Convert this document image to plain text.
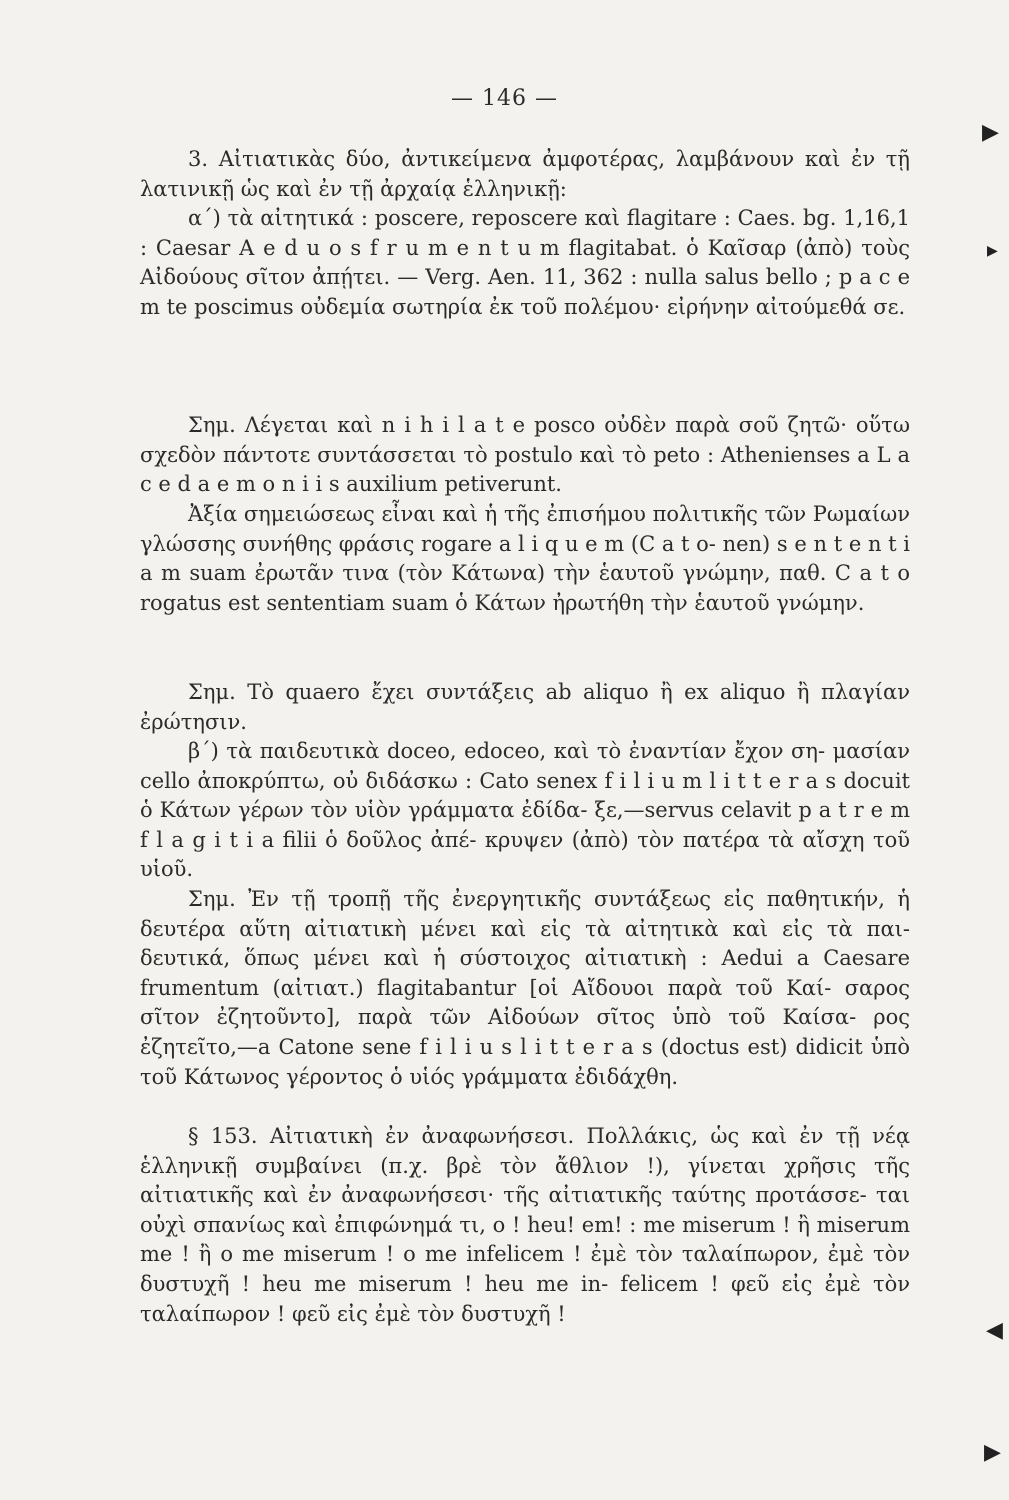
— 146 —

3. Αἰτιατικὰς δύο, ἀντικείμενα ἀμφοτέρας, λαμβάνουν καὶ ἐν τῇ λατινικῇ ὡς καὶ ἐν τῇ ἀρχαίᾳ ἑλληνικῇ:

α΄) τὰ αἰτητικά : poscere, reposcere καὶ flagitare : Caes. bg. 1,16,1 : Caesar A e d u o s f r u m e n t u m flagitabat. ὁ Καῖσαρ (ἀπὸ) τοὺς Αἰδούους σῖτον ἀπῄτει. — Verg. Aen. 11, 362 : nulla salus bello ; p a c e m te poscimus οὐδεμία σωτηρία ἐκ τοῦ πολέμου· εἰρήνην αἰτούμεθά σε.

Σημ. Λέγεται καὶ n i h i l a t e posco οὐδὲν παρὰ σοῦ ζητῶ· οὕτω σχεδὸν πάντοτε συντάσσεται τὸ postulo καὶ τὸ peto : Athenienses a L a c e d a e m o n i i s auxilium petiverunt.

Ἀξία σημειώσεως εἶναι καὶ ἡ τῆς ἐπισήμου πολιτικῆς τῶν Ρωμαίων γλώσσης συνήθης φράσις rogare a l i q u e m (C a t o- nen) s e n t e n t i a m suam ἐρωτᾶν τινα (τὸν Κάτωνα) τὴν ἑαυτοῦ γνώμην, παθ. C a t o rogatus est sententiam suam ὁ Κάτων ἠρωτήθη τὴν ἑαυτοῦ γνώμην.

Σημ. Τὸ quaero ἔχει συντάξεις ab aliquo ἢ ex aliquo ἢ πλαγίαν ἐρώτησιν.

β΄) τὰ παιδευτικὰ doceo, edoceo, καὶ τὸ ἐναντίαν ἔχον ση- μασίαν cello ἀποκρύπτω, οὐ διδάσκω : Cato senex f i l i u m l i t t e r a s docuit ὁ Κάτων γέρων τὸν υἱὸν γράμματα ἐδίδα- ξε,—servus celavit p a t r e m f l a g i t i a filii ὁ δοῦλος ἀπέ- κρυψεν (ἀπὸ) τὸν πατέρα τὰ αἴσχη τοῦ υἱοῦ.

Σημ. Ἐν τῇ τροπῇ τῆς ἐνεργητικῆς συντάξεως εἰς παθητικήν, ἡ δευτέρα αὕτη αἰτιατικὴ μένει καὶ εἰς τὰ αἰτητικὰ καὶ εἰς τὰ παι- δευτικά, ὅπως μένει καὶ ἡ σύστοιχος αἰτιατικὴ : Aedui a Caesare frumentum (αἰτιατ.) flagitabantur [οἱ Αἴδουοι παρὰ τοῦ Καί- σαρος σῖτον ἐζητοῦντο], παρὰ τῶν Αἰδούων σῖτος ὑπὸ τοῦ Καίσα- ρος ἐζητεῖτο,—a Catone sene f i l i u s l i t t e r a s (doctus est) didicit ὑπὸ τοῦ Κάτωνος γέροντος ὁ υἱός γράμματα ἐδιδάχθη.

§ 153. Αἰτιατικὴ ἐν ἀναφωνήσεσι. Πολλάκις, ὡς καὶ ἐν τῇ νέᾳ ἑλληνικῇ συμβαίνει (π.χ. βρὲ τὸν ἄθλιον !), γίνεται χρῆσις τῆς αἰτιατικῆς καὶ ἐν ἀναφωνήσεσι· τῆς αἰτιατικῆς ταύτης προτάσσε- ται οὐχὶ σπανίως καὶ ἐπιφώνημά τι, o ! heu! em! : me miserum ! ἢ miserum me ! ἢ o me miserum ! o me infelicem ! ἐμὲ τὸν ταλαίπωρον, ἐμὲ τὸν δυστυχῆ ! heu me miserum ! heu me in- felicem ! φεῦ εἰς ἐμὲ τὸν ταλαίπωρον ! φεῦ εἰς ἐμὲ τὸν δυστυχῆ !

▶
▶
◀
▶
